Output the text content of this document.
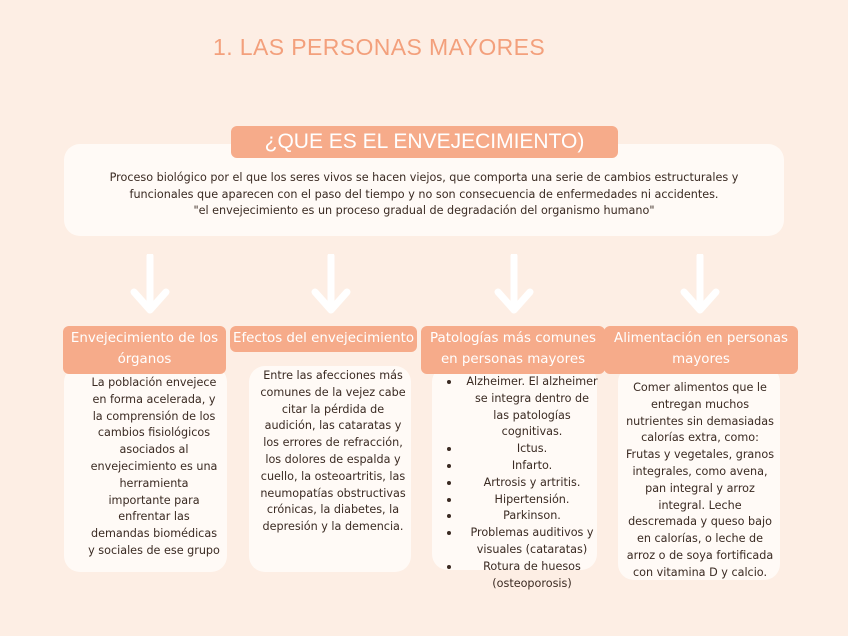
1. LAS PERSONAS MAYORES
¿QUE ES EL ENVEJECIMIENTO)
Proceso biológico por el que los seres vivos se hacen viejos, que comporta una serie de cambios estructurales y
funcionales que aparecen con el paso del tiempo y no son consecuencia de enfermedades ni accidentes.
"el envejecimiento es un proceso gradual de degradación del organismo humano"
Envejecimiento de los
órganos
Efectos del envejecimiento	Patologías más comunes
en personas mayores
Alimentación en personas
mayores
La población envejece
en forma acelerada, y
la comprensión de los
cambios fisiológicos
asociados al
envejecimiento es una
herramienta
importante para
enfrentar las
demandas biomédicas
y sociales de ese grupo
Entre las afecciones más
comunes de la vejez cabe
citar la pérdida de
audición, las cataratas y
los errores de refracción,
los dolores de espalda y
cuello, la osteoartritis, las
neumopatías obstructivas
crónicas, la diabetes, la
depresión y la demencia.
Alzheimer. El alzheimer
se integra dentro de
las patologías
cognitivas.
Ictus.
Infarto.
Artrosis y artritis.
Hipertensión.
Parkinson.
Problemas auditivos y
visuales (cataratas)
Rotura de huesos
(osteoporosis)
Comer alimentos que le
entregan muchos
nutrientes sin demasiadas
calorías extra, como:
Frutas y vegetales, granos
integrales, como avena,
pan integral y arroz
integral. Leche
descremada y queso bajo
en calorías, o leche de
arroz o de soya fortificada
con vitamina D y calcio.
